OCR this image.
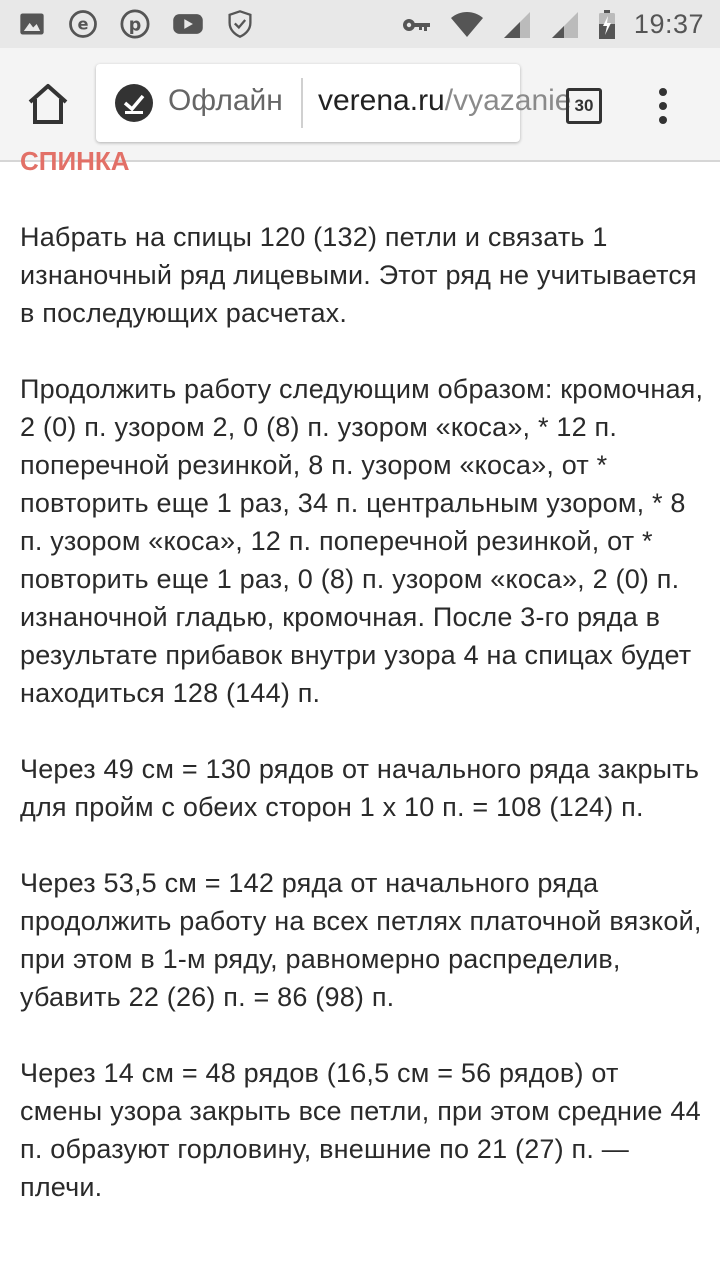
e	p	19:37
Офлайн verena.ru/vyazanie 30
СПИНКА

Набрать на спицы 120 (132) петли и связать 1 изнаночный ряд лицевыми. Этот ряд не учитывается в последующих расчетах.

Продолжить работу следующим образом: кромочная, 2 (0) п. узором 2, 0 (8) п. узором «коса», * 12 п. поперечной резинкой, 8 п. узором «коса», от * повторить еще 1 раз, 34 п. центральным узором, * 8 п. узором «коса», 12 п. поперечной резинкой, от * повторить еще 1 раз, 0 (8) п. узором «коса», 2 (0) п. изнаночной гладью, кромочная. После 3-го ряда в результате прибавок внутри узора 4 на спицах будет находиться 128 (144) п.

Через 49 см = 130 рядов от начального ряда закрыть для пройм с обеих сторон 1 х 10 п. = 108 (124) п.

Через 53,5 см = 142 ряда от начального ряда продолжить работу на всех петлях платочной вязкой, при этом в 1-м ряду, равномерно распределив, убавить 22 (26) п. = 86 (98) п.

Через 14 см = 48 рядов (16,5 см = 56 рядов) от смены узора закрыть все петли, при этом средние 44 п. образуют горловину, внешние по 21 (27) п. — плечи.
